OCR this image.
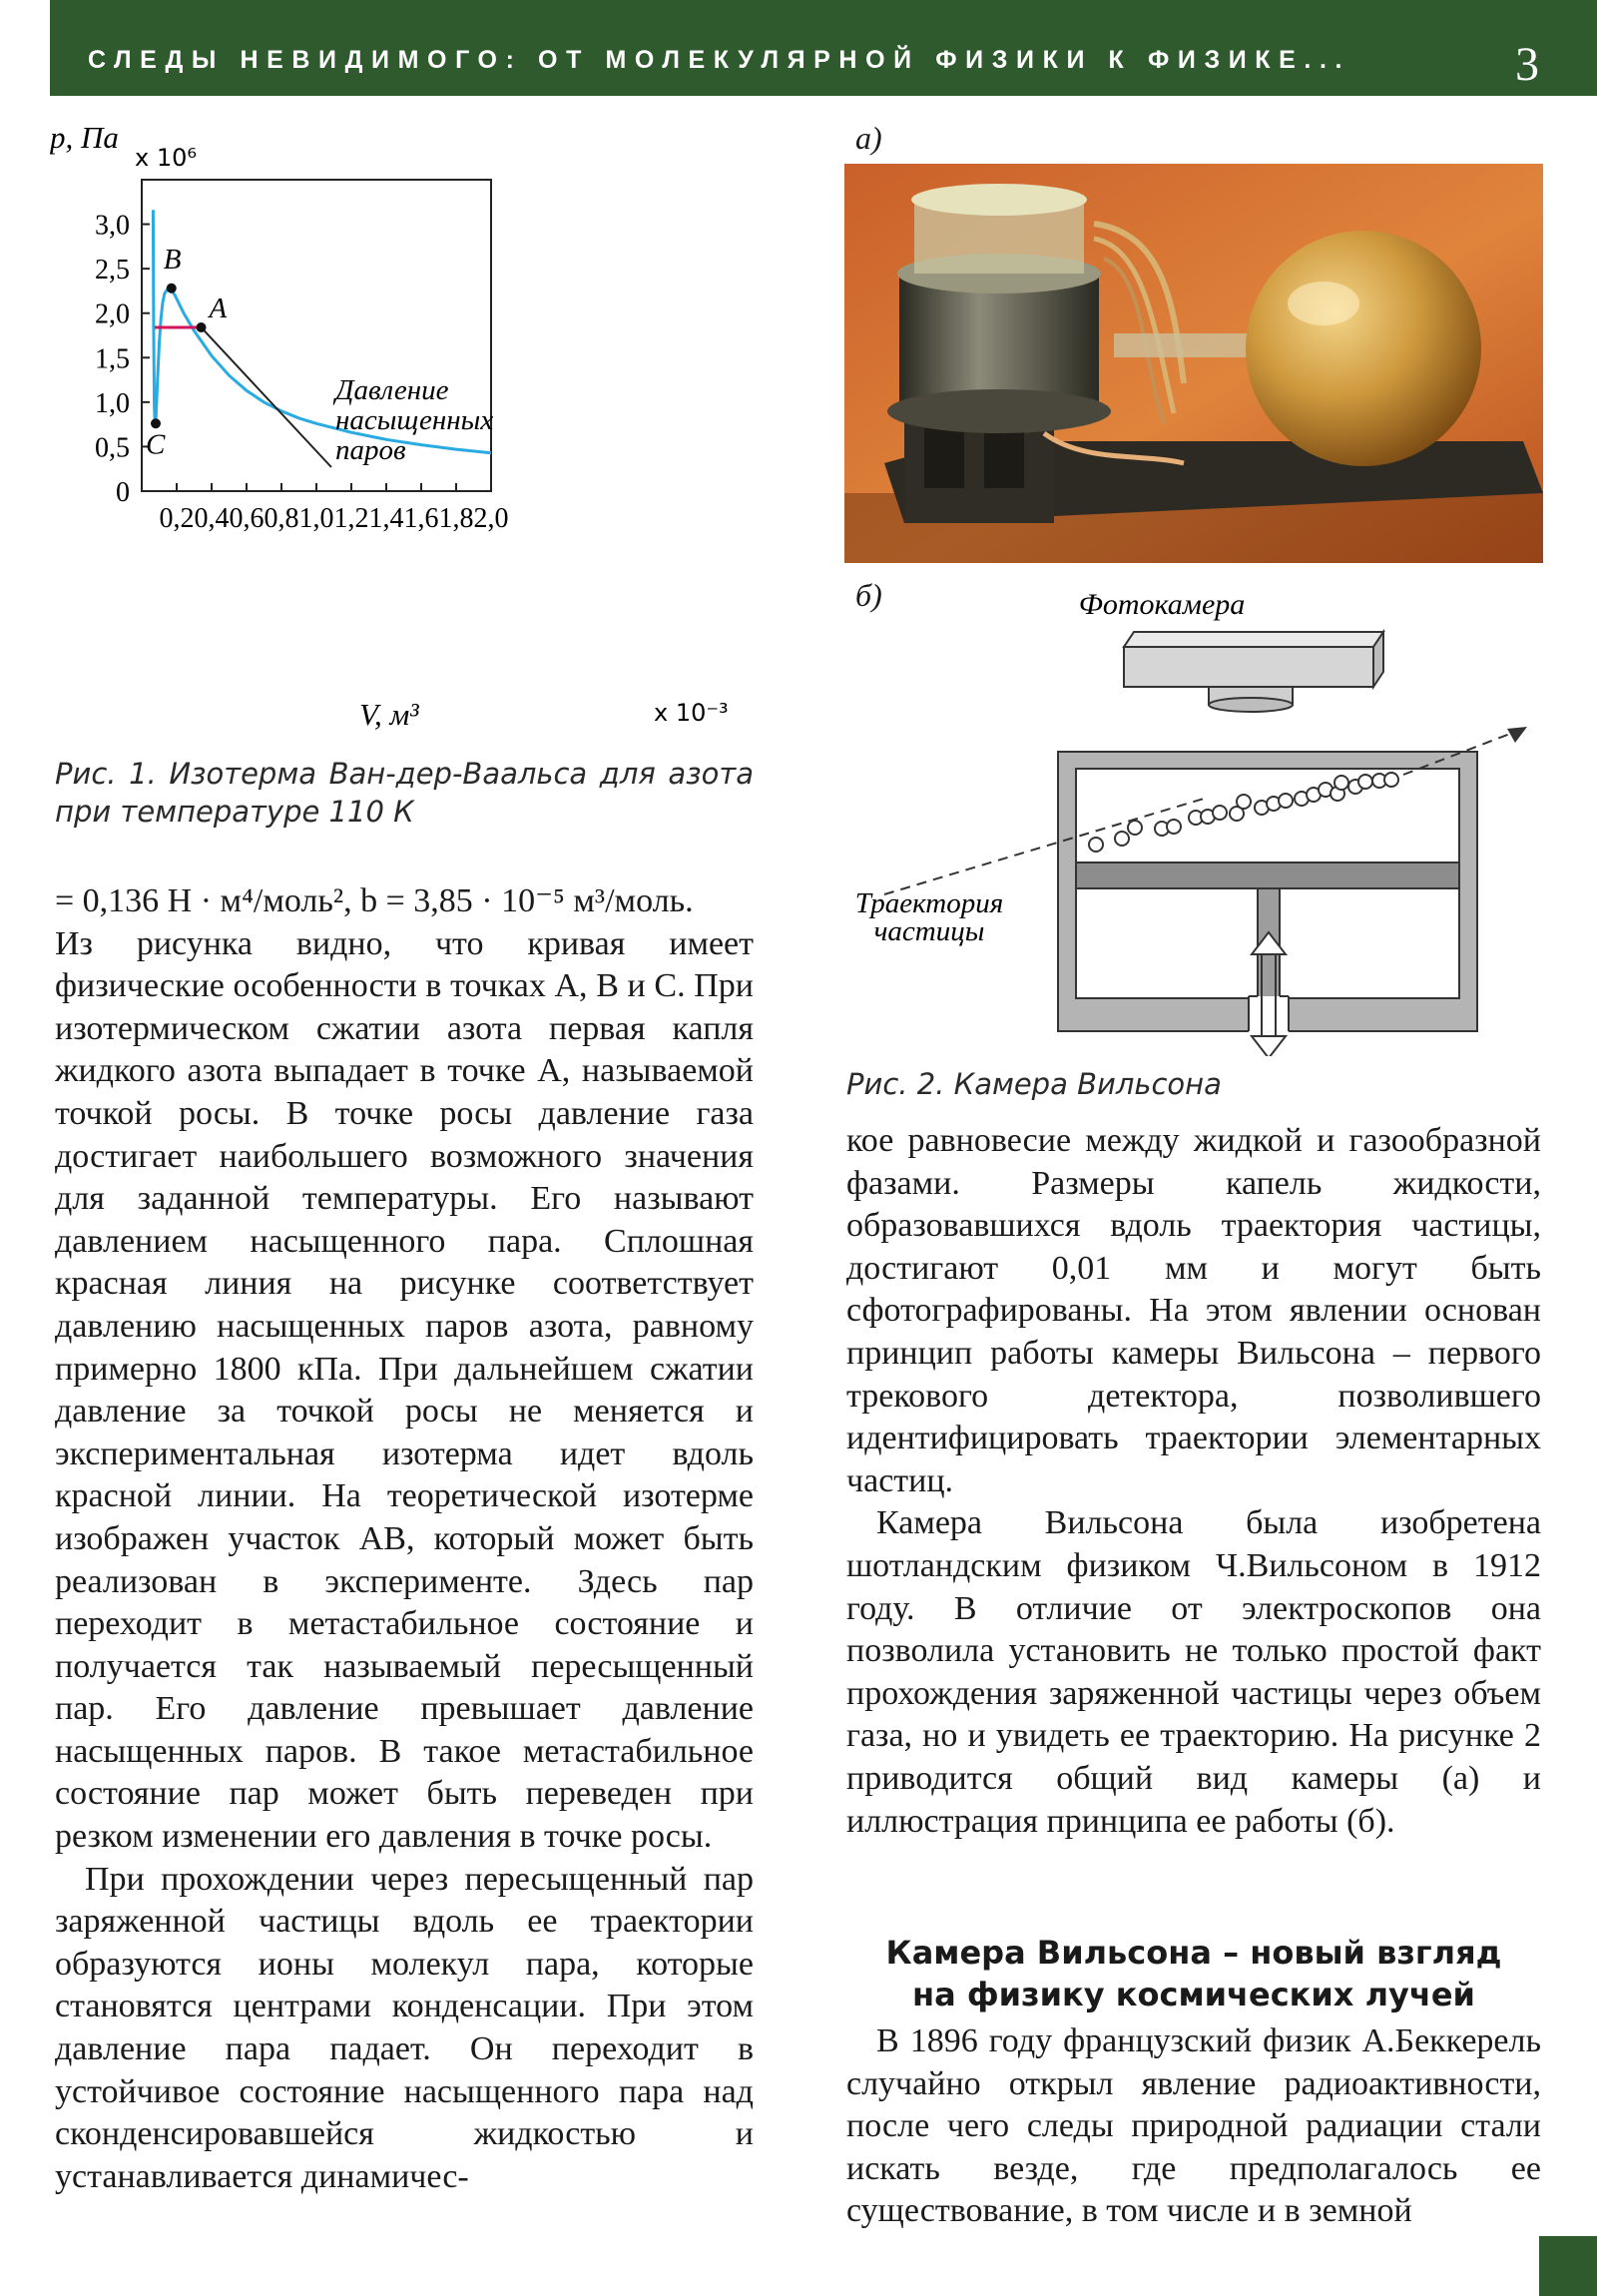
СЛЕДЫ НЕВИДИМОГО: ОТ МОЛЕКУЛЯРНОЙ ФИЗИКИ К ФИЗИКЕ...	3
0
0,5
1,0
1,5
2,0
2,5
3,0
0,2 0,4 0,6 0,8 1,0 1,2 1,4 1,6 1,8 2,0
B
A
C
p, Па
x 10⁶
V, м³	x 10⁻³
Давление
насыщенных
паров
Рис. 1. Изотерма Ван-дер-Ваальса для азота при температуре 110 К

= 0,136 Н · м⁴/моль², b = 3,85 · 10⁻⁵ м³/моль.

Из рисунка видно, что кривая имеет физические особенности в точках A, B и C. При изотермическом сжатии азота первая капля жидкого азота выпадает в точке A, называемой точкой росы. В точке росы давление газа достигает наибольшего возможного значения для заданной температуры. Его называют давлением насыщенного пара. Сплошная красная линия на рисунке соответствует давлению насыщенных паров азота, равному примерно 1800 кПа. При дальнейшем сжатии давление за точкой росы не меняется и экспериментальная изотерма идет вдоль красной линии. На теоретической изотерме изображен участок AB, который может быть реализован в эксперименте. Здесь пар переходит в метастабильное состояние и получается так называемый пересыщенный пар. Его давление превышает давление насыщенных паров. В такое метастабильное состояние пар может быть переведен при резком изменении его давления в точке росы.

При прохождении через пересыщенный пар заряженной частицы вдоль ее траектории образуются ионы молекул пара, которые становятся центрами конденсации. При этом давление пара падает. Он переходит в устойчивое состояние насыщенного пара над сконденсировавшейся жидкостью и устанавливается динамичес-

а)
б)	Фотокамера
Траектория
частицы
Рис. 2. Камера Вильсона

кое равновесие между жидкой и газообразной фазами. Размеры капель жидкости, образовавшихся вдоль траектория частицы, достигают 0,01 мм и могут быть сфотографированы. На этом явлении основан принцип работы камеры Вильсона – первого трекового детектора, позволившего идентифицировать траектории элементарных частиц.

Камера Вильсона была изобретена шотландским физиком Ч.Вильсоном в 1912 году. В отличие от электроскопов она позволила установить не только простой факт прохождения заряженной частицы через объем газа, но и увидеть ее траекторию. На рисунке 2 приводится общий вид камеры (а) и иллюстрация принципа ее работы (б).

Камера Вильсона – новый взгляд
на физику космических лучей

В 1896 году французский физик А.Беккерель случайно открыл явление радиоактивности, после чего следы природной радиации стали искать везде, где предполагалось ее существование, в том числе и в земной
